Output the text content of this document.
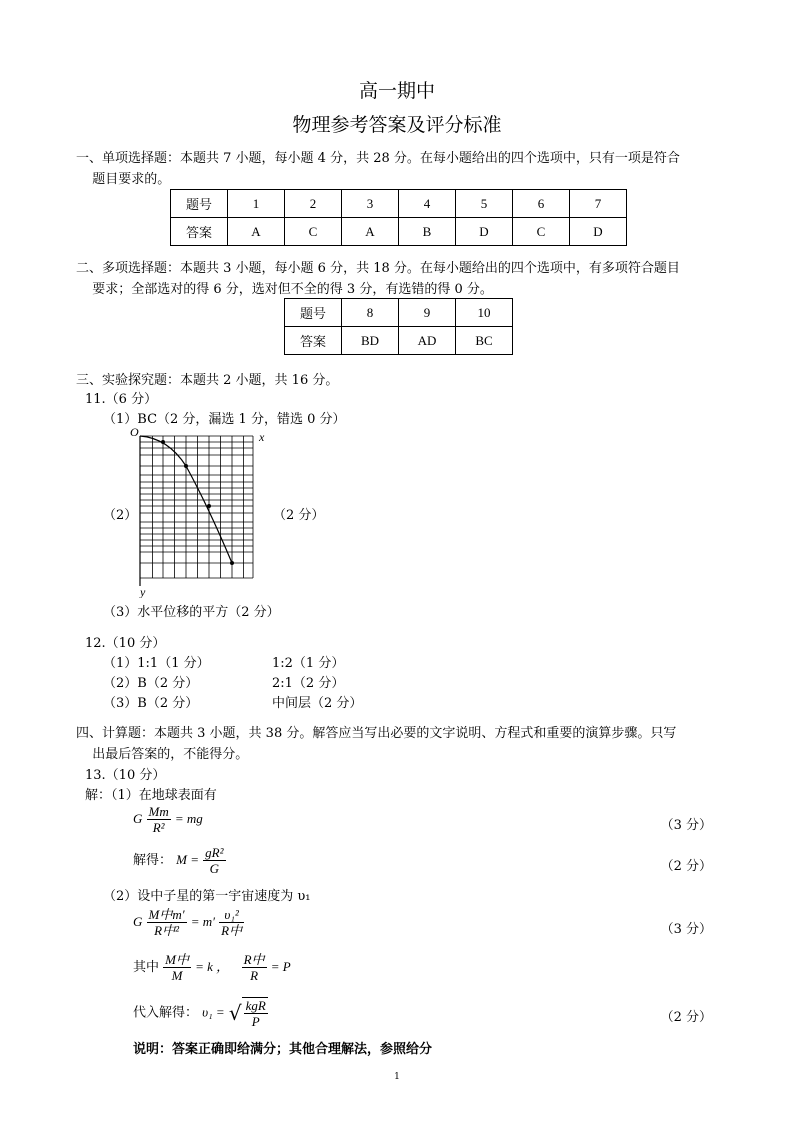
高一期中
物理参考答案及评分标准
一、单项选择题：本题共 7 小题，每小题 4 分，共 28 分。在每小题给出的四个选项中，只有一项是符合
题目要求的。
题号	1	2	3	4	5	6	7
答案	A	C	A	B	D	C	D
二、多项选择题：本题共 3 小题，每小题 6 分，共 18 分。在每小题给出的四个选项中，有多项符合题目
要求；全部选对的得 6 分，选对但不全的得 3 分，有选错的得 0 分。
题号	8	9	10
答案	BD	AD	BC
三、实验探究题：本题共 2 小题，共 16 分。
11.（6 分）
（1）BC（2 分，漏选 1 分，错选 0 分）
O	x
y
（2）	（2 分）
（3）水平位移的平方（2 分）
12.（10 分）
（1）1:1（1 分）	1:2（1 分）
（2）B（2 分）	2:1（2 分）
（3）B（2 分）	中间层（2 分）
四、计算题：本题共 3 小题，共 38 分。解答应当写出必要的文字说明、方程式和重要的演算步骤。只写
出最后答案的，不能得分。
13.（10 分）
解：（1）在地球表面有
G $\frac{Mm}{\text{R²}}$ = mg	（3 分）
解得： $M = \frac{\text{gR²}}{G}$	（2 分）
（2）设中子星的第一宇宙速度为 υ₁
G $\frac{\text{M中m′}}{\text{R中²}} = m' \frac{\text{υ₁²}}{\text{R中}}$	（3 分）
其中 $\frac{\text{M中}}{M} = k$ ， $\frac{\text{R中}}{R} = P$
代入解得： υ₁ = √ $\frac{\text{kgR}}{P}$	（2 分）
说明：答案正确即给满分；其他合理解法，参照给分
1
